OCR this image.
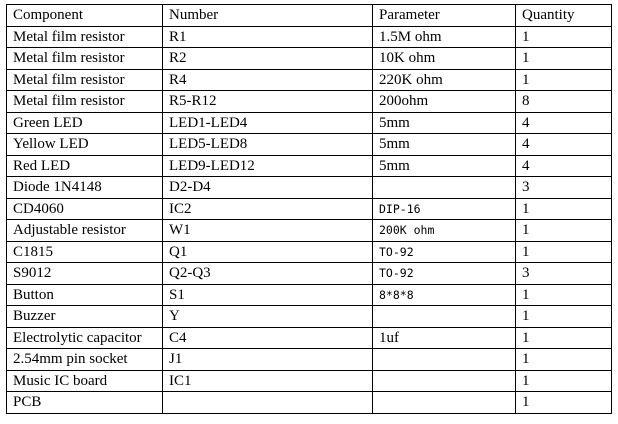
Component	Number	Parameter	Quantity
Metal film resistor	R1	1.5M ohm	1
Metal film resistor	R2	10K ohm	1
Metal film resistor	R4	220K ohm	1
Metal film resistor	R5-R12	200ohm	8
Green LED	LED1-LED4	5mm	4
Yellow LED	LED5-LED8	5mm	4
Red LED	LED9-LED12	5mm	4
Diode 1N4148	D2-D4		3
CD4060	IC2	DIP-16	1
Adjustable resistor	W1	200K ohm	1
C1815	Q1	TO-92	1
S9012	Q2-Q3	TO-92	3
Button	S1	8*8*8	1
Buzzer	Y		1
Electrolytic capacitor	C4	1uf	1
2.54mm pin socket	J1		1
Music IC board	IC1		1
PCB			1
